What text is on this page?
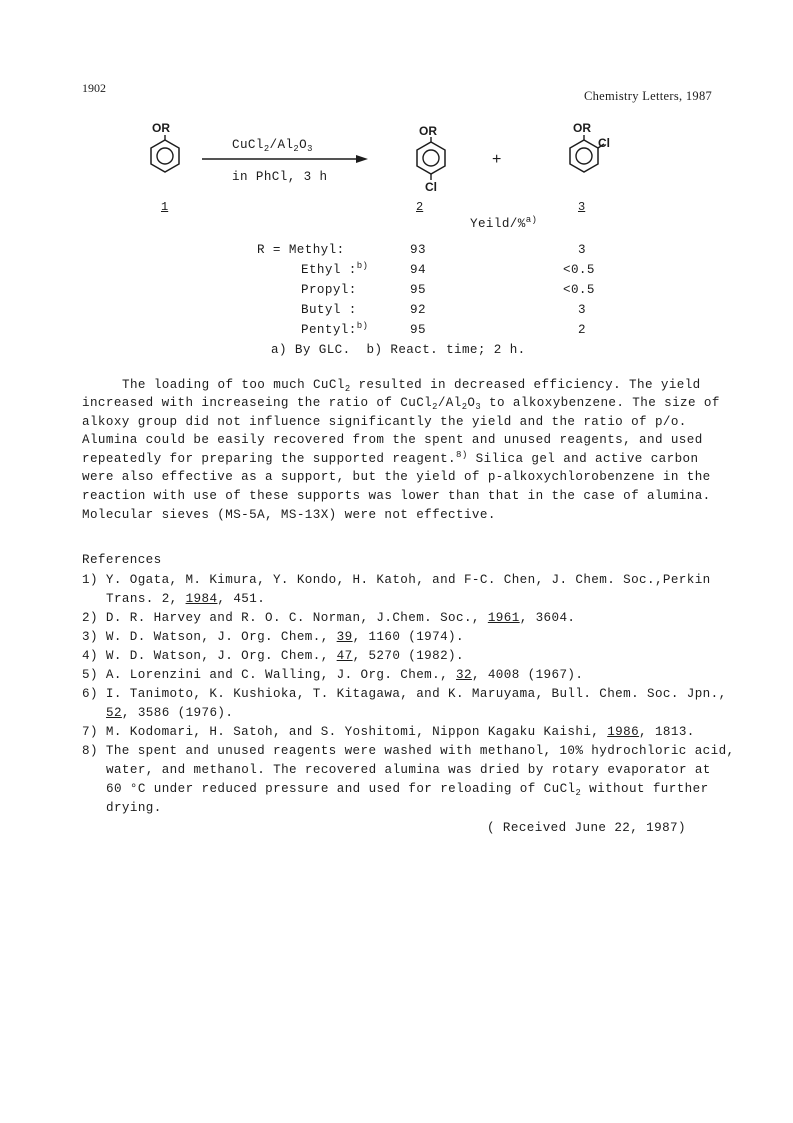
1902
Chemistry Letters, 1987
OR
$CuCl_2/Al_2O_3$
in PhCl, 3 h
OR
Cl
+
OR
Cl
1	2	3
Yeild/%$^{a)}$
R = Methyl:	93	3
Ethyl :$^{b)}$	94	<0.5
Propyl:	95	<0.5
Butyl :	92	3
Pentyl:$^{b)}$	95	2
a) By GLC.  b) React. time; 2 h.
The loading of too much CuCl$_2$ resulted in decreased efficiency. The yield
increased with increaseing the ratio of $CuCl_2/Al_2O_3$ to alkoxybenzene. The size of
alkoxy group did not influence significantly the yield and the ratio of p/o.
Alumina could be easily recovered from the spent and unused reagents, and used
repeatedly for preparing the supported reagent.$^{8)}$ Silica gel and active carbon
were also effective as a support, but the yield of p-alkoxychlorobenzene in the
reaction with use of these supports was lower than that in the case of alumina.
Molecular sieves (MS-5A, MS-13X) were not effective.
References
1) Y. Ogata, M. Kimura, Y. Kondo, H. Katoh, and F-C. Chen, J. Chem. Soc.,Perkin
Trans. 2, 1984, 451.
2) D. R. Harvey and R. O. C. Norman, J.Chem. Soc., 1961, 3604.
3) W. D. Watson, J. Org. Chem., 39, 1160 (1974).
4) W. D. Watson, J. Org. Chem., 47, 5270 (1982).
5) A. Lorenzini and C. Walling, J. Org. Chem., 32, 4008 (1967).
6) I. Tanimoto, K. Kushioka, T. Kitagawa, and K. Maruyama, Bull. Chem. Soc. Jpn.,
52, 3586 (1976).
7) M. Kodomari, H. Satoh, and S. Yoshitomi, Nippon Kagaku Kaishi, 1986, 1813.
8) The spent and unused reagents were washed with methanol, 10% hydrochloric acid,
water, and methanol. The recovered alumina was dried by rotary evaporator at
60 °C under reduced pressure and used for reloading of CuCl$_2$ without further
drying.
( Received June 22, 1987)
